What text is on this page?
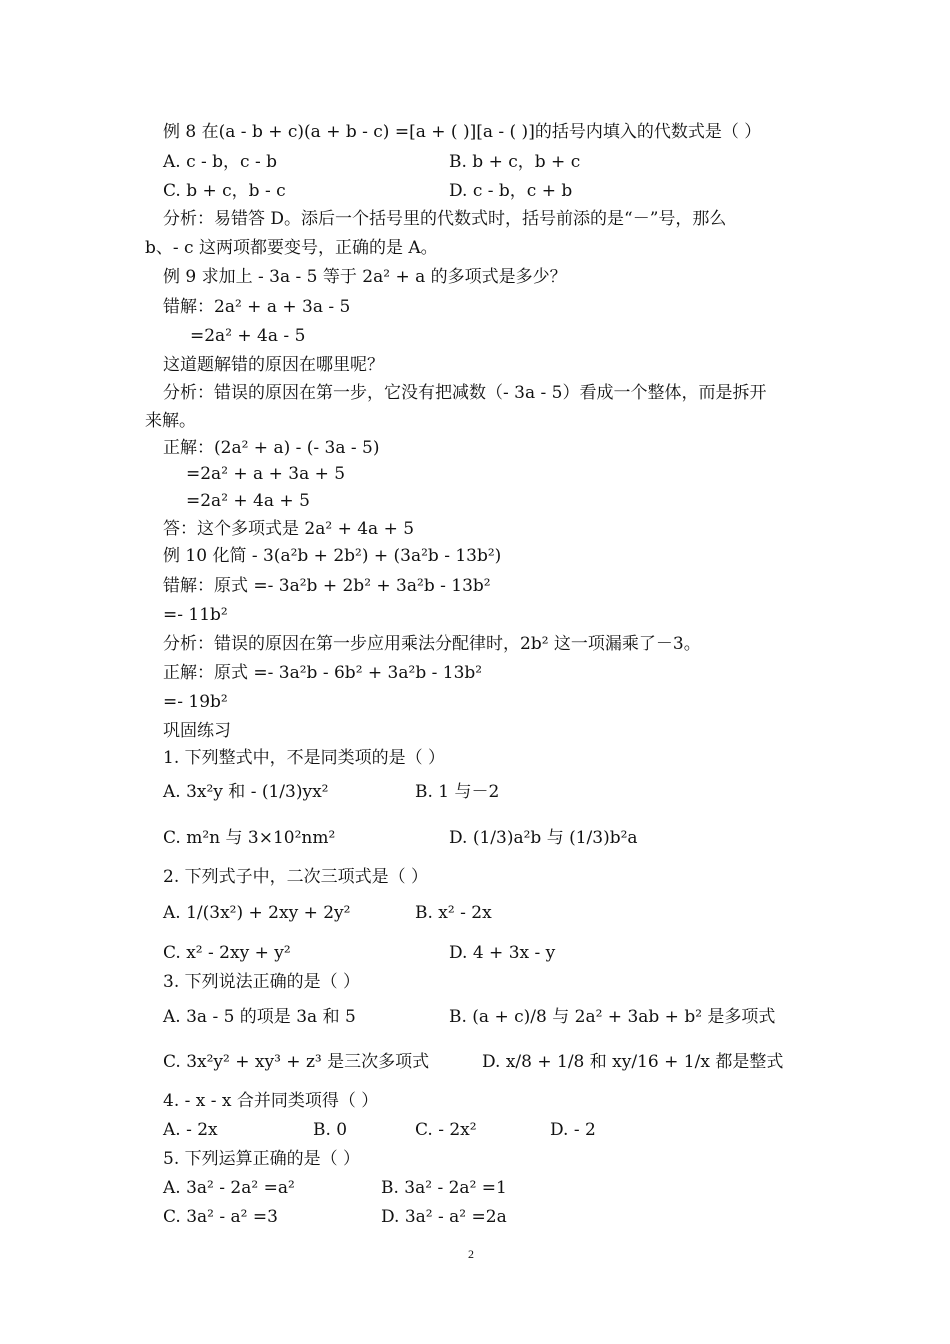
例 8 在(a - b + c)(a + b - c) =[a + ( )][a - ( )]的括号内填入的代数式是（ ）
A. c - b，c - b	B. b + c，b + c
C. b + c，b - c	D. c - b，c + b
分析：易错答 D。添后一个括号里的代数式时，括号前添的是“－”号，那么
b、- c 这两项都要变号，正确的是 A。
例 9 求加上 - 3a - 5 等于 2a² + a 的多项式是多少？
错解：2a² + a + 3a - 5
=2a² + 4a - 5
这道题解错的原因在哪里呢？
分析：错误的原因在第一步，它没有把减数（- 3a - 5）看成一个整体，而是拆开
来解。
正解：(2a² + a) - (- 3a - 5)
=2a² + a + 3a + 5
=2a² + 4a + 5
答：这个多项式是 2a² + 4a + 5
例 10 化简 - 3(a²b + 2b²) + (3a²b - 13b²)
错解：原式 =- 3a²b + 2b² + 3a²b - 13b²
=- 11b²
分析：错误的原因在第一步应用乘法分配律时，2b² 这一项漏乘了－3。
正解：原式 =- 3a²b - 6b² + 3a²b - 13b²
=- 19b²
巩固练习
1. 下列整式中，不是同类项的是（ ）
A. 3x²y 和 - (1/3)yx²	B. 1 与－2
C. m²n 与 3×10²nm²	D. (1/3)a²b 与 (1/3)b²a
2. 下列式子中，二次三项式是（ ）
A. 1/(3x²) + 2xy + 2y²	B. x² - 2x
C. x² - 2xy + y²	D. 4 + 3x - y
3. 下列说法正确的是（ ）
A. 3a - 5 的项是 3a 和 5	B. (a + c)/8 与 2a² + 3ab + b² 是多项式
C. 3x²y² + xy³ + z³ 是三次多项式	D. x/8 + 1/8 和 xy/16 + 1/x 都是整式
4. - x - x 合并同类项得（ ）
A. - 2x	B. 0	C. - 2x²	D. - 2
5. 下列运算正确的是（ ）
A. 3a² - 2a² =a²	B. 3a² - 2a² =1
C. 3a² - a² =3	D. 3a² - a² =2a
2
